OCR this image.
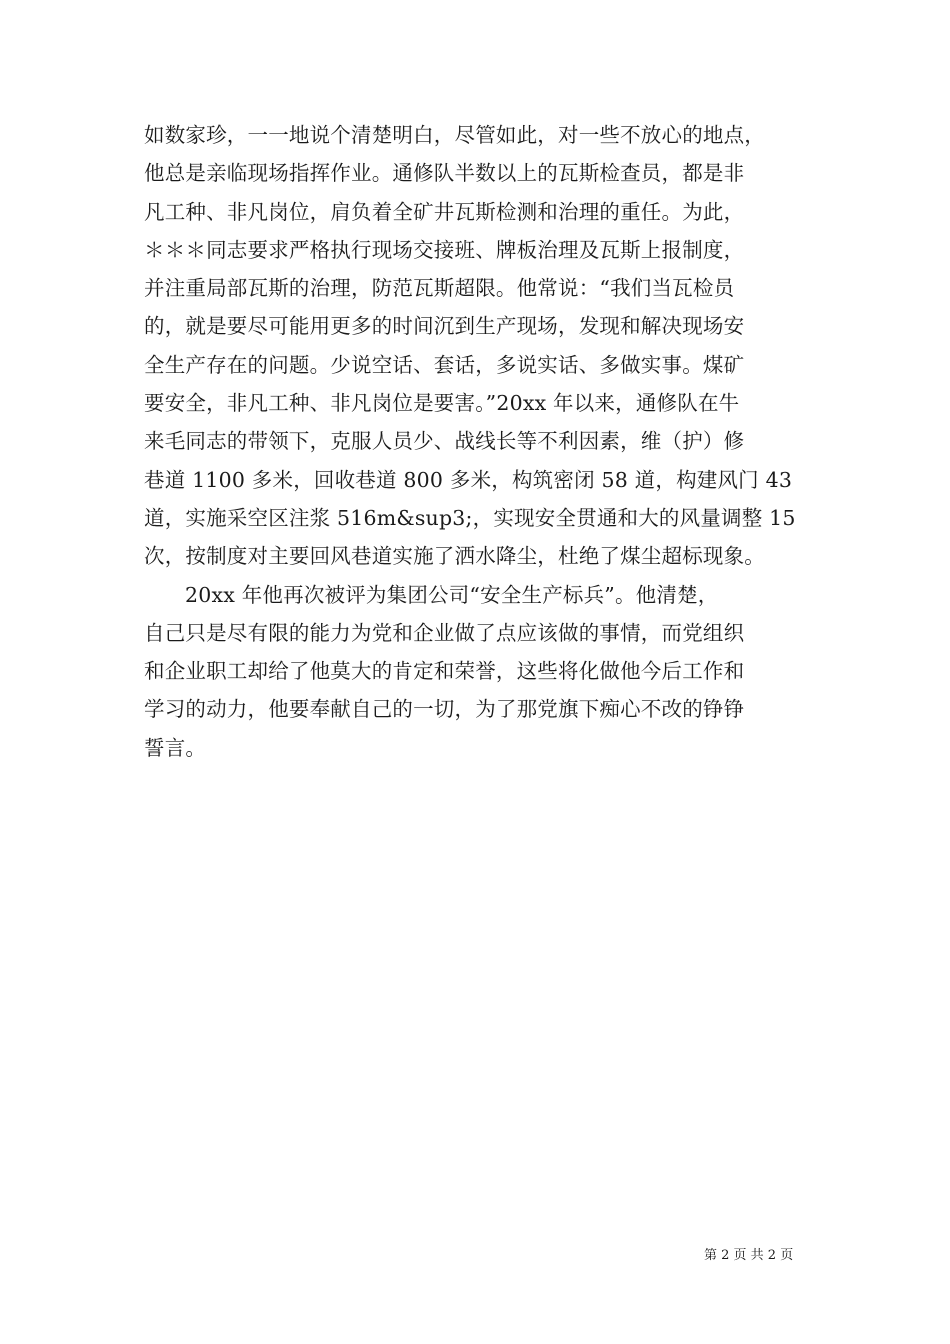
如数家珍，一一地说个清楚明白，尽管如此，对一些不放心的地点，
他总是亲临现场指挥作业。通修队半数以上的瓦斯检查员，都是非
凡工种、非凡岗位，肩负着全矿井瓦斯检测和治理的重任。为此，
＊＊＊同志要求严格执行现场交接班、牌板治理及瓦斯上报制度，
并注重局部瓦斯的治理，防范瓦斯超限。他常说：“我们当瓦检员
的，就是要尽可能用更多的时间沉到生产现场，发现和解决现场安
全生产存在的问题。少说空话、套话，多说实话、多做实事。煤矿
要安全，非凡工种、非凡岗位是要害。”20xx 年以来，通修队在牛
来毛同志的带领下，克服人员少、战线长等不利因素，维（护）修
巷道 1100 多米，回收巷道 800 多米，构筑密闭 58 道，构建风门 43
道，实施采空区注浆 516m&sup3;，实现安全贯通和大的风量调整 15
次，按制度对主要回风巷道实施了洒水降尘，杜绝了煤尘超标现象。
20xx 年他再次被评为集团公司“安全生产标兵”。他清楚，
自己只是尽有限的能力为党和企业做了点应该做的事情，而党组织
和企业职工却给了他莫大的肯定和荣誉，这些将化做他今后工作和
学习的动力，他要奉献自己的一切，为了那党旗下痴心不改的铮铮
誓言。
第 2 页 共 2 页
